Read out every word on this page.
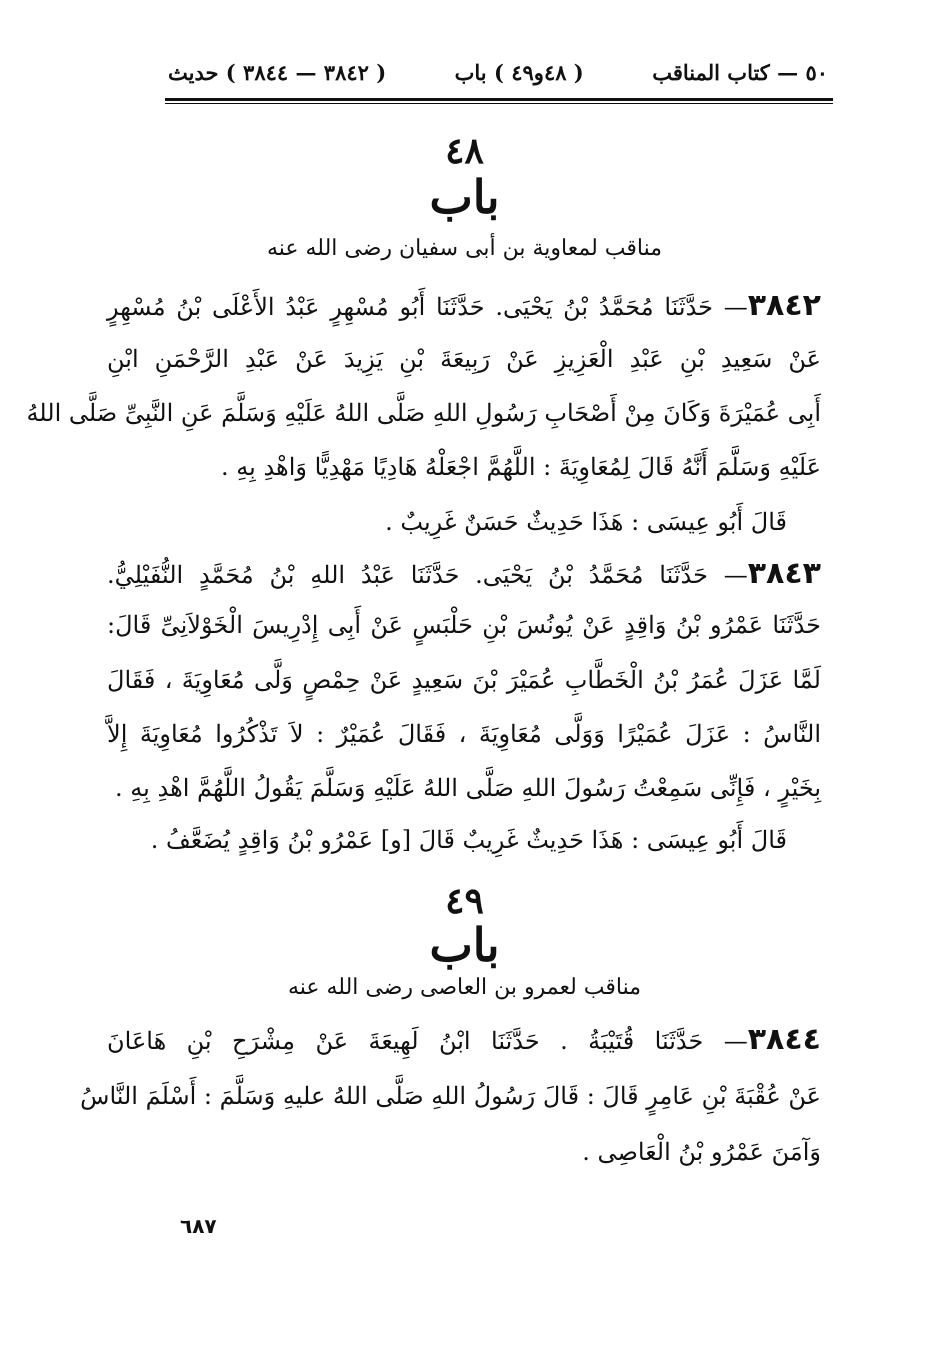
٥٠ — كتاب المناقب
( ٤٨و٤٩ ) باب
( ٣٨٤٢ — ٣٨٤٤ ) حديث
٤٨
باب
مناقب لمعاوية بن أبى سفيان رضى الله عنه
٣٨٤٢— حَدَّثَنَا مُحَمَّدُ بْنُ يَحْيَى. حَدَّثَنَا أَبُو مُسْهِرٍ عَبْدُ الأَعْلَى بْنُ مُسْهِرٍ
عَنْ سَعِيدِ بْنِ عَبْدِ الْعَزِيزِ عَنْ رَبِيعَةَ بْنِ يَزِيدَ عَنْ عَبْدِ الرَّحْمَنِ ابْنِ
أَبِى عُمَيْرَةَ وَكَانَ مِنْ أَصْحَابِ رَسُولِ اللهِ صَلَّى اللهُ عَلَيْهِ وَسَلَّمَ عَنِ النَّبِىِّ صَلَّى اللهُ
عَلَيْهِ وَسَلَّمَ أَنَّهُ قَالَ لِمُعَاوِيَةَ : اللَّهُمَّ اجْعَلْهُ هَادِيًا مَهْدِيًّا وَاهْدِ بِهِ .
قَالَ أَبُو عِيسَى : هَذَا حَدِيثٌ حَسَنٌ غَرِيبٌ .
٣٨٤٣— حَدَّثَنَا مُحَمَّدُ بْنُ يَحْيَى. حَدَّثَنَا عَبْدُ اللهِ بْنُ مُحَمَّدٍ النُّفَيْلِيُّ.
حَدَّثَنَا عَمْرُو بْنُ وَاقِدٍ عَنْ يُونُسَ بْنِ حَلْبَسٍ عَنْ أَبِى إِدْرِيسَ الْخَوْلاَنِىِّ قَالَ:
لَمَّا عَزَلَ عُمَرُ بْنُ الْخَطَّابِ عُمَيْرَ بْنَ سَعِيدٍ عَنْ حِمْصٍ وَلَّى مُعَاوِيَةَ ، فَقَالَ
النَّاسُ : عَزَلَ عُمَيْرًا وَوَلَّى مُعَاوِيَةَ ، فَقَالَ عُمَيْرٌ : لاَ تَذْكُرُوا مُعَاوِيَةَ إِلاَّ
بِخَيْرٍ ، فَإِنِّى سَمِعْتُ رَسُولَ اللهِ صَلَّى اللهُ عَلَيْهِ وَسَلَّمَ يَقُولُ اللَّهُمَّ اهْدِ بِهِ .
قَالَ أَبُو عِيسَى : هَذَا حَدِيثٌ غَرِيبٌ قَالَ [و] عَمْرُو بْنُ وَاقِدٍ يُضَعَّفُ .
٤٩
باب
مناقب لعمرو بن العاصى رضى الله عنه
٣٨٤٤— حَدَّثَنَا قُتَيْبَةُ . حَدَّثَنَا ابْنُ لَهِيعَةَ عَنْ مِشْرَحِ بْنِ هَاعَانَ
عَنْ عُقْبَةَ بْنِ عَامِرٍ قَالَ : قَالَ رَسُولُ اللهِ صَلَّى اللهُ عليهِ وَسَلَّمَ : أَسْلَمَ النَّاسُ
وَآمَنَ عَمْرُو بْنُ الْعَاصِى .
٦٨٧
